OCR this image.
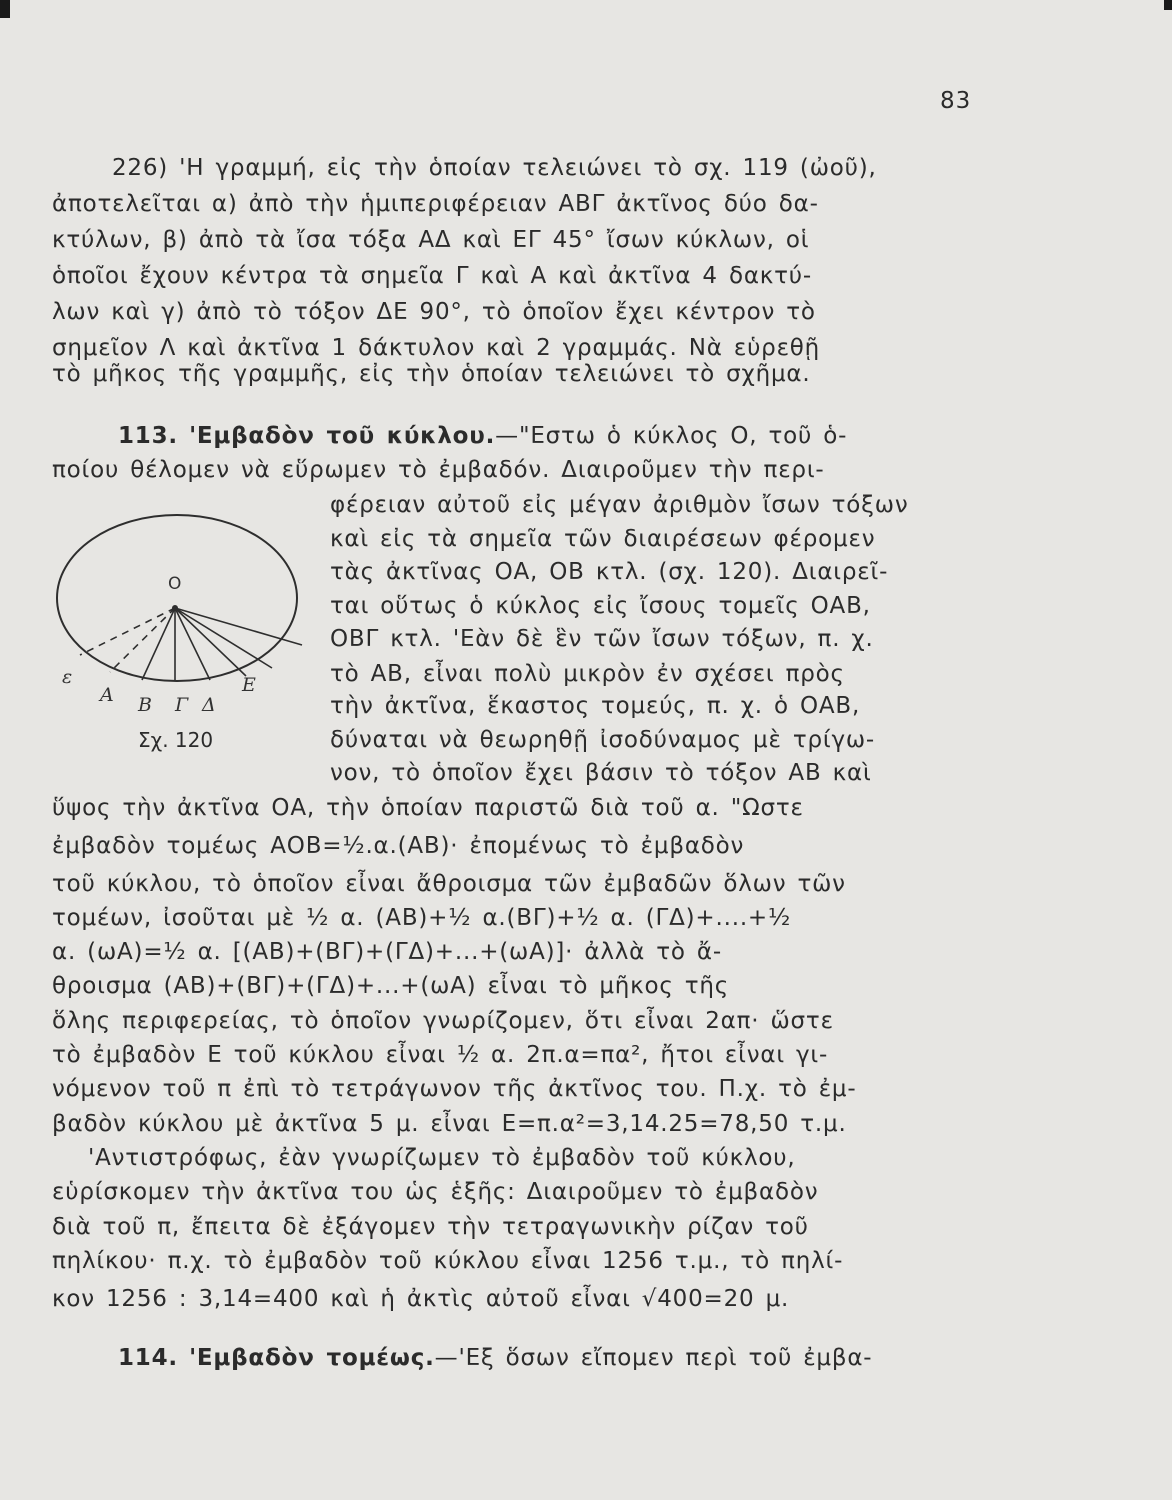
83
226) 'Η γραμμή, εἰς τὴν ὁποίαν τελειώνει τὸ σχ. 119 (ὠοῦ),
ἀποτελεῖται α) ἀπὸ τὴν ἡμιπεριφέρειαν ΑΒΓ ἀκτῖνος δύο δα-
κτύλων, β) ἀπὸ τὰ ἴσα τόξα ΑΔ καὶ ΕΓ 45° ἴσων κύκλων, οἱ
ὁποῖοι ἔχουν κέντρα τὰ σημεῖα Γ καὶ Α καὶ ἀκτῖνα 4 δακτύ-
λων καὶ γ) ἀπὸ τὸ τόξον ΔΕ 90°, τὸ ὁποῖον ἔχει κέντρον τὸ
σημεῖον Λ καὶ ἀκτῖνα 1 δάκτυλον καὶ 2 γραμμάς. Νὰ εὑρεθῇ
τὸ μῆκος τῆς γραμμῆς, εἰς τὴν ὁποίαν τελειώνει τὸ σχῆμα.
113. 'Εμβαδὸν τοῦ κύκλου.—"Εστω ὁ κύκλος Ο, τοῦ ὁ-
ποίου θέλομεν νὰ εὕρωμεν τὸ ἐμβαδόν. Διαιροῦμεν τὴν περι-
φέρειαν αὐτοῦ εἰς μέγαν ἀριθμὸν ἴσων τόξων
καὶ εἰς τὰ σημεῖα τῶν διαιρέσεων φέρομεν
τὰς ἀκτῖνας ΟΑ, ΟΒ κτλ. (σχ. 120). Διαιρεῖ-
ται οὕτως ὁ κύκλος εἰς ἴσους τομεῖς ΟΑΒ,
ΟΒΓ κτλ. 'Εὰν δὲ ἓν τῶν ἴσων τόξων, π. χ.
τὸ ΑΒ, εἶναι πολὺ μικρὸν ἐν σχέσει πρὸς
τὴν ἀκτῖνα, ἕκαστος τομεύς, π. χ. ὁ ΟΑΒ,
δύναται νὰ θεωρηθῇ ἰσοδύναμος μὲ τρίγω-
νον, τὸ ὁποῖον ἔχει βάσιν τὸ τόξον ΑΒ καὶ
ὕψος τὴν ἀκτῖνα ΟΑ, τὴν ὁποίαν παριστῶ διὰ τοῦ α. "Ωστε
ἐμβαδὸν τομέως ΑΟΒ=½.α.(ΑΒ)· ἐπομένως τὸ ἐμβαδὸν
τοῦ κύκλου, τὸ ὁποῖον εἶναι ἄθροισμα τῶν ἐμβαδῶν ὅλων τῶν
τομέων, ἰσοῦται μὲ ½ α. (ΑΒ)+½ α.(ΒΓ)+½ α. (ΓΔ)+....+½
α. (ωΑ)=½ α. [(ΑΒ)+(ΒΓ)+(ΓΔ)+...+(ωΑ)]· ἀλλὰ τὸ ἄ-
θροισμα (ΑΒ)+(ΒΓ)+(ΓΔ)+...+(ωΑ) εἶναι τὸ μῆκος τῆς
ὅλης περιφερείας, τὸ ὁποῖον γνωρίζομεν, ὅτι εἶναι 2απ· ὥστε
τὸ ἐμβαδὸν Ε τοῦ κύκλου εἶναι ½ α. 2π.α=πα², ἤτοι εἶναι γι-
νόμενον τοῦ π ἐπὶ τὸ τετράγωνον τῆς ἀκτῖνος του. Π.χ. τὸ ἐμ-
βαδὸν κύκλου μὲ ἀκτῖνα 5 μ. εἶναι Ε=π.α²=3,14.25=78,50 τ.μ.
'Αντιστρόφως, ἐὰν γνωρίζωμεν τὸ ἐμβαδὸν τοῦ κύκλου,
εὑρίσκομεν τὴν ἀκτῖνα του ὡς ἑξῆς: Διαιροῦμεν τὸ ἐμβαδὸν
διὰ τοῦ π, ἔπειτα δὲ ἐξάγομεν τὴν τετραγωνικὴν ρίζαν τοῦ
πηλίκου· π.χ. τὸ ἐμβαδὸν τοῦ κύκλου εἶναι 1256 τ.μ., τὸ πηλί-
κον 1256 : 3,14=400 καὶ ἡ ἀκτὶς αὐτοῦ εἶναι √400=20 μ.
114. 'Εμβαδὸν τομέως.—'Εξ ὅσων εἴπομεν περὶ τοῦ ἐμβα-
Ο
ε
Α Β Γ Δ
Ε
Σχ. 120
